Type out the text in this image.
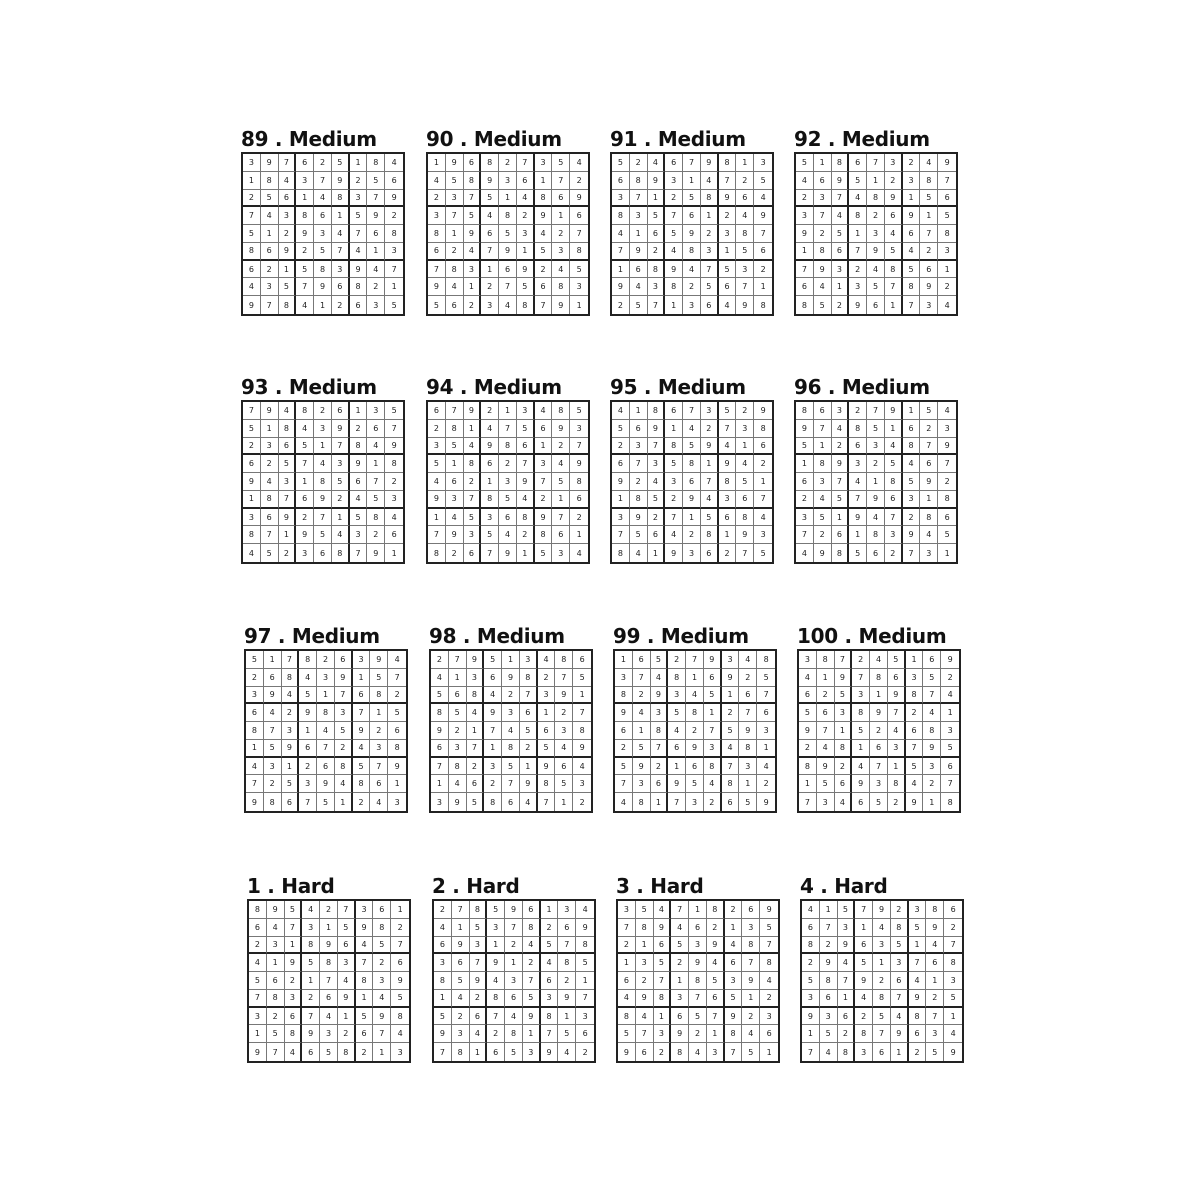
89 . Medium
3	9	7	6	2	5	1	8	4
1	8	4	3	7	9	2	5	6
2	5	6	1	4	8	3	7	9
7	4	3	8	6	1	5	9	2
5	1	2	9	3	4	7	6	8
8	6	9	2	5	7	4	1	3
6	2	1	5	8	3	9	4	7
4	3	5	7	9	6	8	2	1
9	7	8	4	1	2	6	3	5
90 . Medium
1	9	6	8	2	7	3	5	4
4	5	8	9	3	6	1	7	2
2	3	7	5	1	4	8	6	9
3	7	5	4	8	2	9	1	6
8	1	9	6	5	3	4	2	7
6	2	4	7	9	1	5	3	8
7	8	3	1	6	9	2	4	5
9	4	1	2	7	5	6	8	3
5	6	2	3	4	8	7	9	1
91 . Medium
5	2	4	6	7	9	8	1	3
6	8	9	3	1	4	7	2	5
3	7	1	2	5	8	9	6	4
8	3	5	7	6	1	2	4	9
4	1	6	5	9	2	3	8	7
7	9	2	4	8	3	1	5	6
1	6	8	9	4	7	5	3	2
9	4	3	8	2	5	6	7	1
2	5	7	1	3	6	4	9	8
92 . Medium
5	1	8	6	7	3	2	4	9
4	6	9	5	1	2	3	8	7
2	3	7	4	8	9	1	5	6
3	7	4	8	2	6	9	1	5
9	2	5	1	3	4	6	7	8
1	8	6	7	9	5	4	2	3
7	9	3	2	4	8	5	6	1
6	4	1	3	5	7	8	9	2
8	5	2	9	6	1	7	3	4
93 . Medium
7	9	4	8	2	6	1	3	5
5	1	8	4	3	9	2	6	7
2	3	6	5	1	7	8	4	9
6	2	5	7	4	3	9	1	8
9	4	3	1	8	5	6	7	2
1	8	7	6	9	2	4	5	3
3	6	9	2	7	1	5	8	4
8	7	1	9	5	4	3	2	6
4	5	2	3	6	8	7	9	1
94 . Medium
6	7	9	2	1	3	4	8	5
2	8	1	4	7	5	6	9	3
3	5	4	9	8	6	1	2	7
5	1	8	6	2	7	3	4	9
4	6	2	1	3	9	7	5	8
9	3	7	8	5	4	2	1	6
1	4	5	3	6	8	9	7	2
7	9	3	5	4	2	8	6	1
8	2	6	7	9	1	5	3	4
95 . Medium
4	1	8	6	7	3	5	2	9
5	6	9	1	4	2	7	3	8
2	3	7	8	5	9	4	1	6
6	7	3	5	8	1	9	4	2
9	2	4	3	6	7	8	5	1
1	8	5	2	9	4	3	6	7
3	9	2	7	1	5	6	8	4
7	5	6	4	2	8	1	9	3
8	4	1	9	3	6	2	7	5
96 . Medium
8	6	3	2	7	9	1	5	4
9	7	4	8	5	1	6	2	3
5	1	2	6	3	4	8	7	9
1	8	9	3	2	5	4	6	7
6	3	7	4	1	8	5	9	2
2	4	5	7	9	6	3	1	8
3	5	1	9	4	7	2	8	6
7	2	6	1	8	3	9	4	5
4	9	8	5	6	2	7	3	1
97 . Medium
5	1	7	8	2	6	3	9	4
2	6	8	4	3	9	1	5	7
3	9	4	5	1	7	6	8	2
6	4	2	9	8	3	7	1	5
8	7	3	1	4	5	9	2	6
1	5	9	6	7	2	4	3	8
4	3	1	2	6	8	5	7	9
7	2	5	3	9	4	8	6	1
9	8	6	7	5	1	2	4	3
98 . Medium
2	7	9	5	1	3	4	8	6
4	1	3	6	9	8	2	7	5
5	6	8	4	2	7	3	9	1
8	5	4	9	3	6	1	2	7
9	2	1	7	4	5	6	3	8
6	3	7	1	8	2	5	4	9
7	8	2	3	5	1	9	6	4
1	4	6	2	7	9	8	5	3
3	9	5	8	6	4	7	1	2
99 . Medium
1	6	5	2	7	9	3	4	8
3	7	4	8	1	6	9	2	5
8	2	9	3	4	5	1	6	7
9	4	3	5	8	1	2	7	6
6	1	8	4	2	7	5	9	3
2	5	7	6	9	3	4	8	1
5	9	2	1	6	8	7	3	4
7	3	6	9	5	4	8	1	2
4	8	1	7	3	2	6	5	9
100 . Medium
3	8	7	2	4	5	1	6	9
4	1	9	7	8	6	3	5	2
6	2	5	3	1	9	8	7	4
5	6	3	8	9	7	2	4	1
9	7	1	5	2	4	6	8	3
2	4	8	1	6	3	7	9	5
8	9	2	4	7	1	5	3	6
1	5	6	9	3	8	4	2	7
7	3	4	6	5	2	9	1	8
1 . Hard
8	9	5	4	2	7	3	6	1
6	4	7	3	1	5	9	8	2
2	3	1	8	9	6	4	5	7
4	1	9	5	8	3	7	2	6
5	6	2	1	7	4	8	3	9
7	8	3	2	6	9	1	4	5
3	2	6	7	4	1	5	9	8
1	5	8	9	3	2	6	7	4
9	7	4	6	5	8	2	1	3
2 . Hard
2	7	8	5	9	6	1	3	4
4	1	5	3	7	8	2	6	9
6	9	3	1	2	4	5	7	8
3	6	7	9	1	2	4	8	5
8	5	9	4	3	7	6	2	1
1	4	2	8	6	5	3	9	7
5	2	6	7	4	9	8	1	3
9	3	4	2	8	1	7	5	6
7	8	1	6	5	3	9	4	2
3 . Hard
3	5	4	7	1	8	2	6	9
7	8	9	4	6	2	1	3	5
2	1	6	5	3	9	4	8	7
1	3	5	2	9	4	6	7	8
6	2	7	1	8	5	3	9	4
4	9	8	3	7	6	5	1	2
8	4	1	6	5	7	9	2	3
5	7	3	9	2	1	8	4	6
9	6	2	8	4	3	7	5	1
4 . Hard
4	1	5	7	9	2	3	8	6
6	7	3	1	4	8	5	9	2
8	2	9	6	3	5	1	4	7
2	9	4	5	1	3	7	6	8
5	8	7	9	2	6	4	1	3
3	6	1	4	8	7	9	2	5
9	3	6	2	5	4	8	7	1
1	5	2	8	7	9	6	3	4
7	4	8	3	6	1	2	5	9
